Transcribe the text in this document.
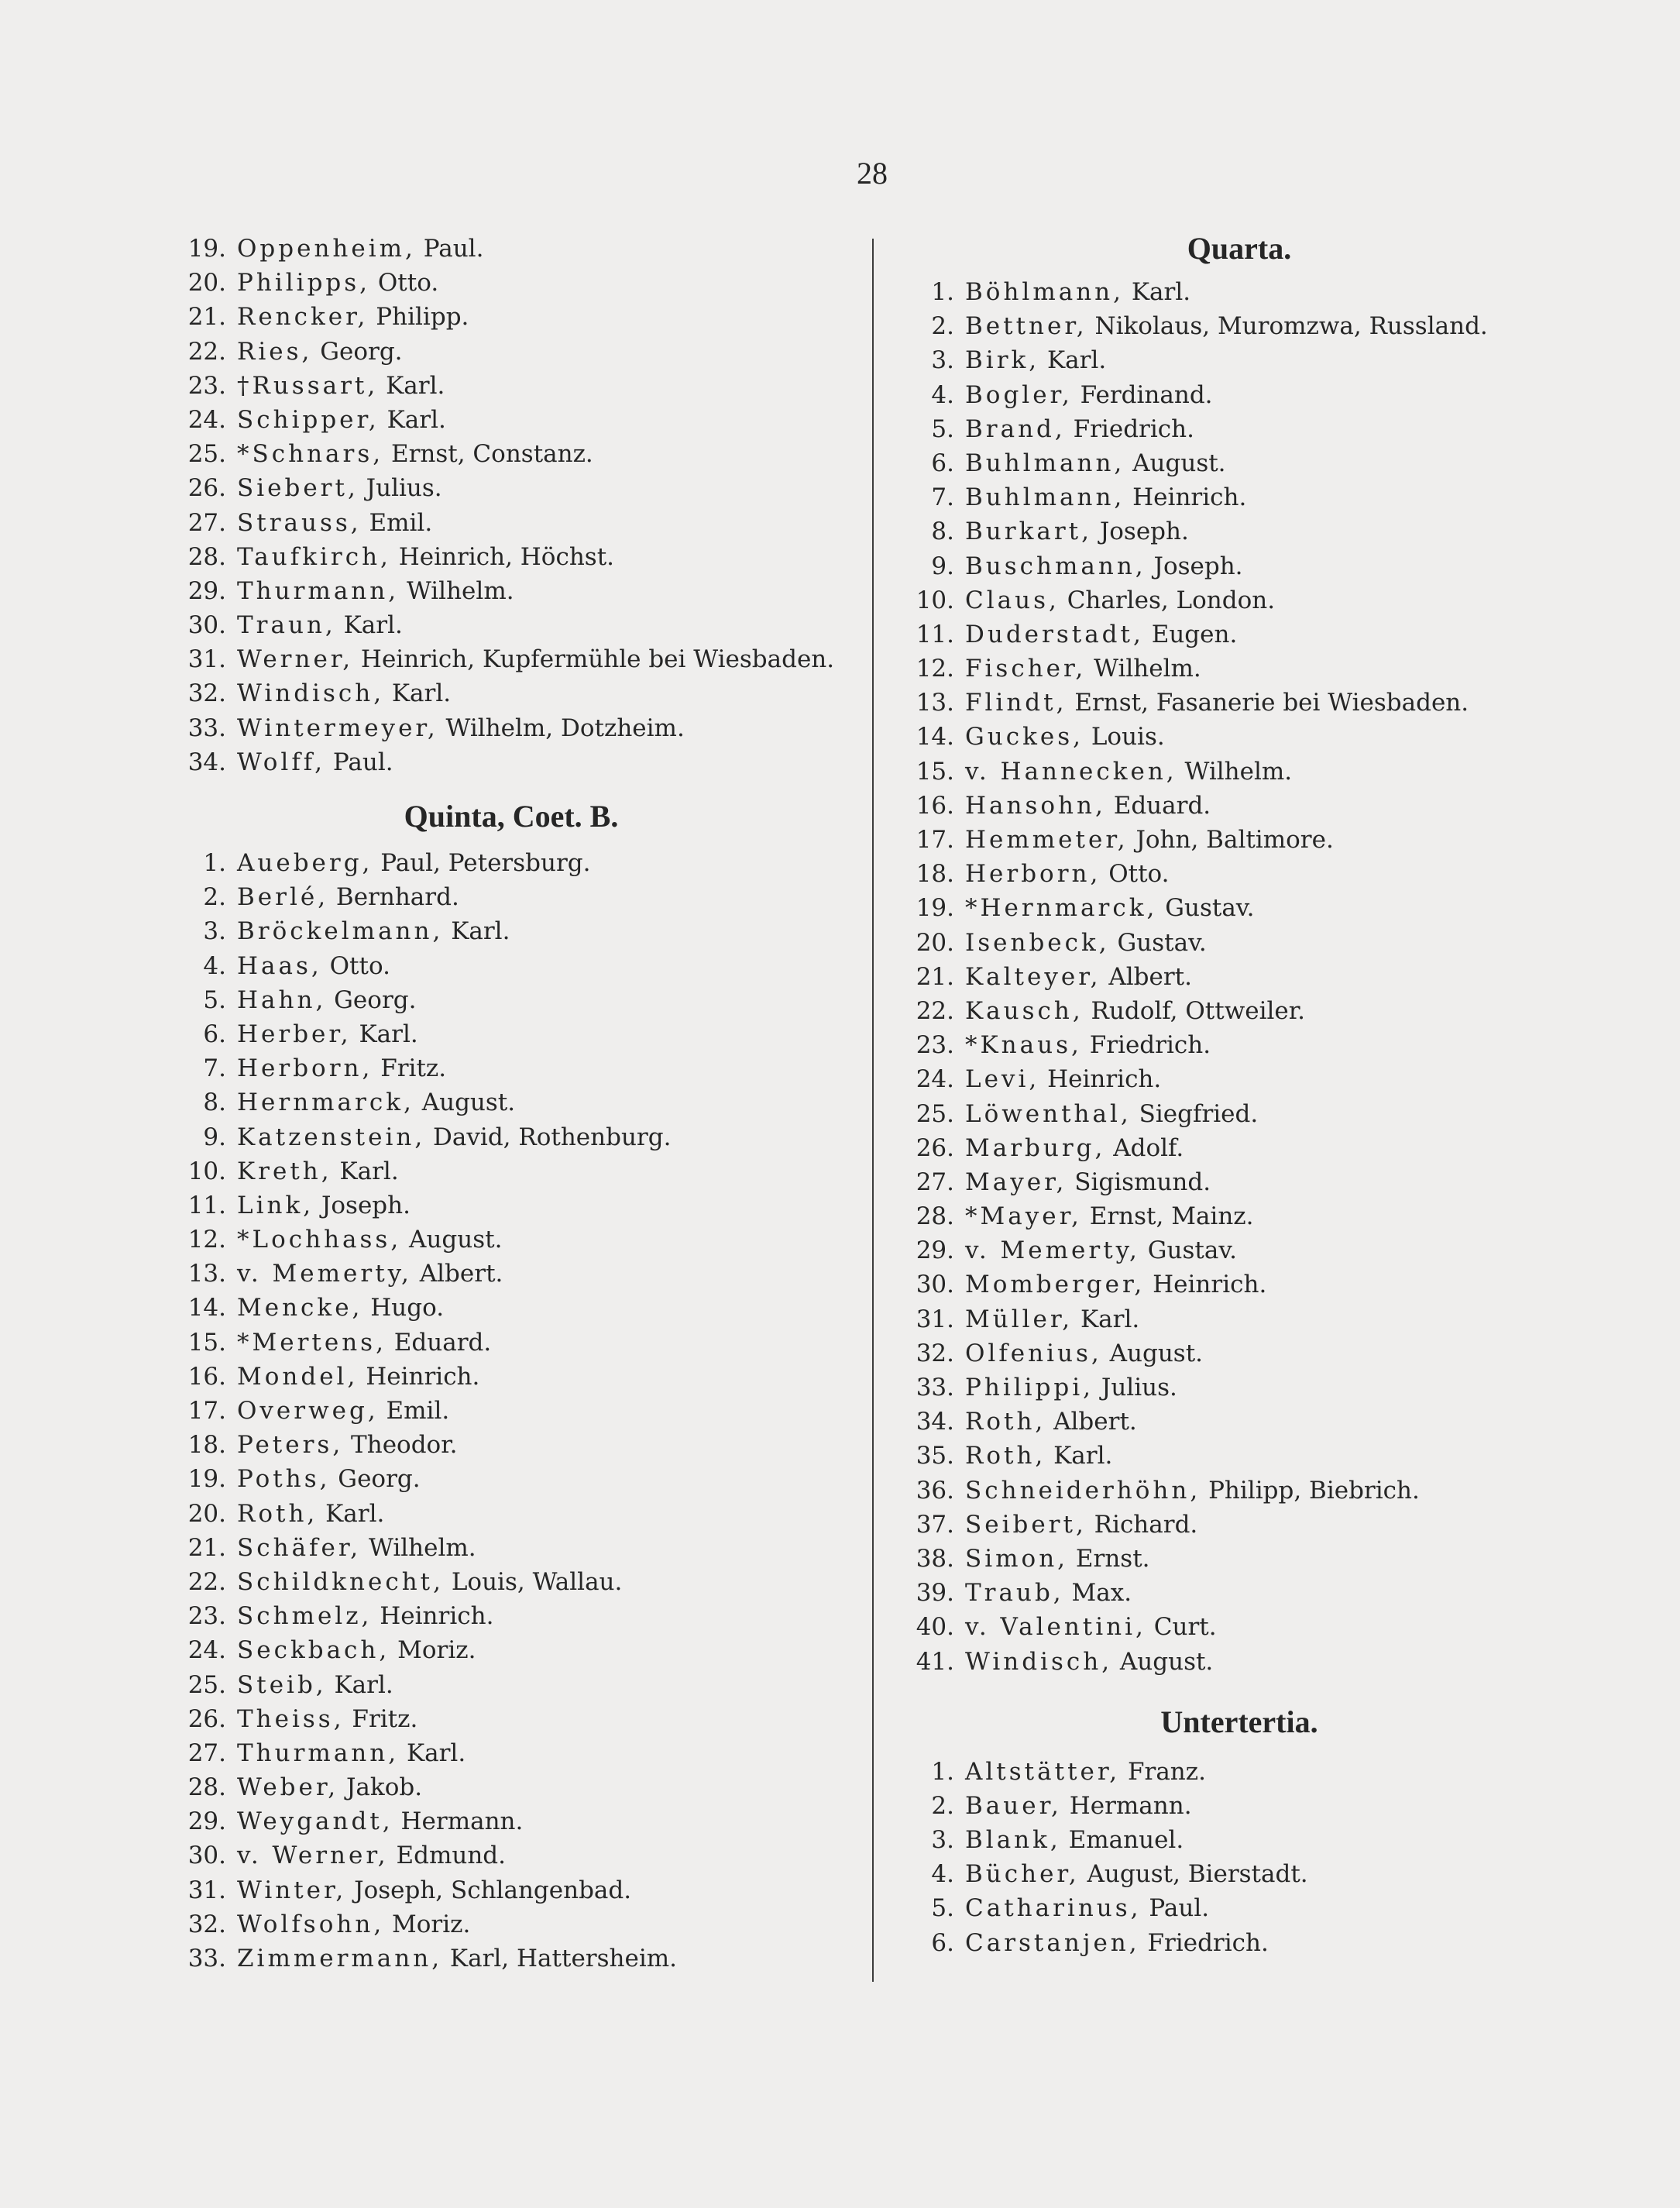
28
19. Oppenheim, Paul.
20. Philipps, Otto.
21. Rencker, Philipp.
22. Ries, Georg.
23. †Russart, Karl.
24. Schipper, Karl.
25. *Schnars, Ernst, Constanz.
26. Siebert, Julius.
27. Strauss, Emil.
28. Taufkirch, Heinrich, Höchst.
29. Thurmann, Wilhelm.
30. Traun, Karl.
31. Werner, Heinrich, Kupfermühle bei Wiesbaden.
32. Windisch, Karl.
33. Wintermeyer, Wilhelm, Dotzheim.
34. Wolff, Paul.
Quinta, Coet. B.
1. Aueberg, Paul, Petersburg.
2. Berlé, Bernhard.
3. Bröckelmann, Karl.
4. Haas, Otto.
5. Hahn, Georg.
6. Herber, Karl.
7. Herborn, Fritz.
8. Hernmarck, August.
9. Katzenstein, David, Rothenburg.
10. Kreth, Karl.
11. Link, Joseph.
12. *Lochhass, August.
13. v. Memerty, Albert.
14. Mencke, Hugo.
15. *Mertens, Eduard.
16. Mondel, Heinrich.
17. Overweg, Emil.
18. Peters, Theodor.
19. Poths, Georg.
20. Roth, Karl.
21. Schäfer, Wilhelm.
22. Schildknecht, Louis, Wallau.
23. Schmelz, Heinrich.
24. Seckbach, Moriz.
25. Steib, Karl.
26. Theiss, Fritz.
27. Thurmann, Karl.
28. Weber, Jakob.
29. Weygandt, Hermann.
30. v. Werner, Edmund.
31. Winter, Joseph, Schlangenbad.
32. Wolfsohn, Moriz.
33. Zimmermann, Karl, Hattersheim.
Quarta.
1. Böhlmann, Karl.
2. Bettner, Nikolaus, Muromzwa, Russland.
3. Birk, Karl.
4. Bogler, Ferdinand.
5. Brand, Friedrich.
6. Buhlmann, August.
7. Buhlmann, Heinrich.
8. Burkart, Joseph.
9. Buschmann, Joseph.
10. Claus, Charles, London.
11. Duderstadt, Eugen.
12. Fischer, Wilhelm.
13. Flindt, Ernst, Fasanerie bei Wiesbaden.
14. Guckes, Louis.
15. v. Hannecken, Wilhelm.
16. Hansohn, Eduard.
17. Hemmeter, John, Baltimore.
18. Herborn, Otto.
19. *Hernmarck, Gustav.
20. Isenbeck, Gustav.
21. Kalteyer, Albert.
22. Kausch, Rudolf, Ottweiler.
23. *Knaus, Friedrich.
24. Levi, Heinrich.
25. Löwenthal, Siegfried.
26. Marburg, Adolf.
27. Mayer, Sigismund.
28. *Mayer, Ernst, Mainz.
29. v. Memerty, Gustav.
30. Momberger, Heinrich.
31. Müller, Karl.
32. Olfenius, August.
33. Philippi, Julius.
34. Roth, Albert.
35. Roth, Karl.
36. Schneiderhöhn, Philipp, Biebrich.
37. Seibert, Richard.
38. Simon, Ernst.
39. Traub, Max.
40. v. Valentini, Curt.
41. Windisch, August.
Untertertia.
1. Altstätter, Franz.
2. Bauer, Hermann.
3. Blank, Emanuel.
4. Bücher, August, Bierstadt.
5. Catharinus, Paul.
6. Carstanjen, Friedrich.
